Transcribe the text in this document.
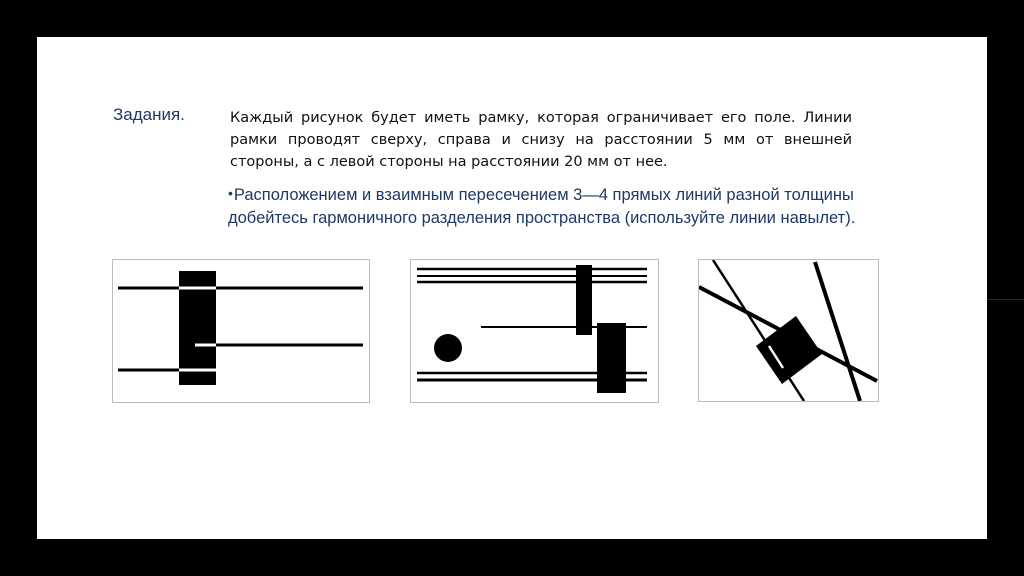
Задания.	Каждый рисунок будет иметь рамку, которая ограничивает его поле. Линии рамки проводят сверху, справа и снизу на расстоянии 5 мм от внешней стороны, а с левой стороны на расстоянии 20 мм от нее.
•Расположением и взаимным пересечением 3—4 прямых линий разной толщины добейтесь гармоничного разделения пространства (используйте линии навылет).
